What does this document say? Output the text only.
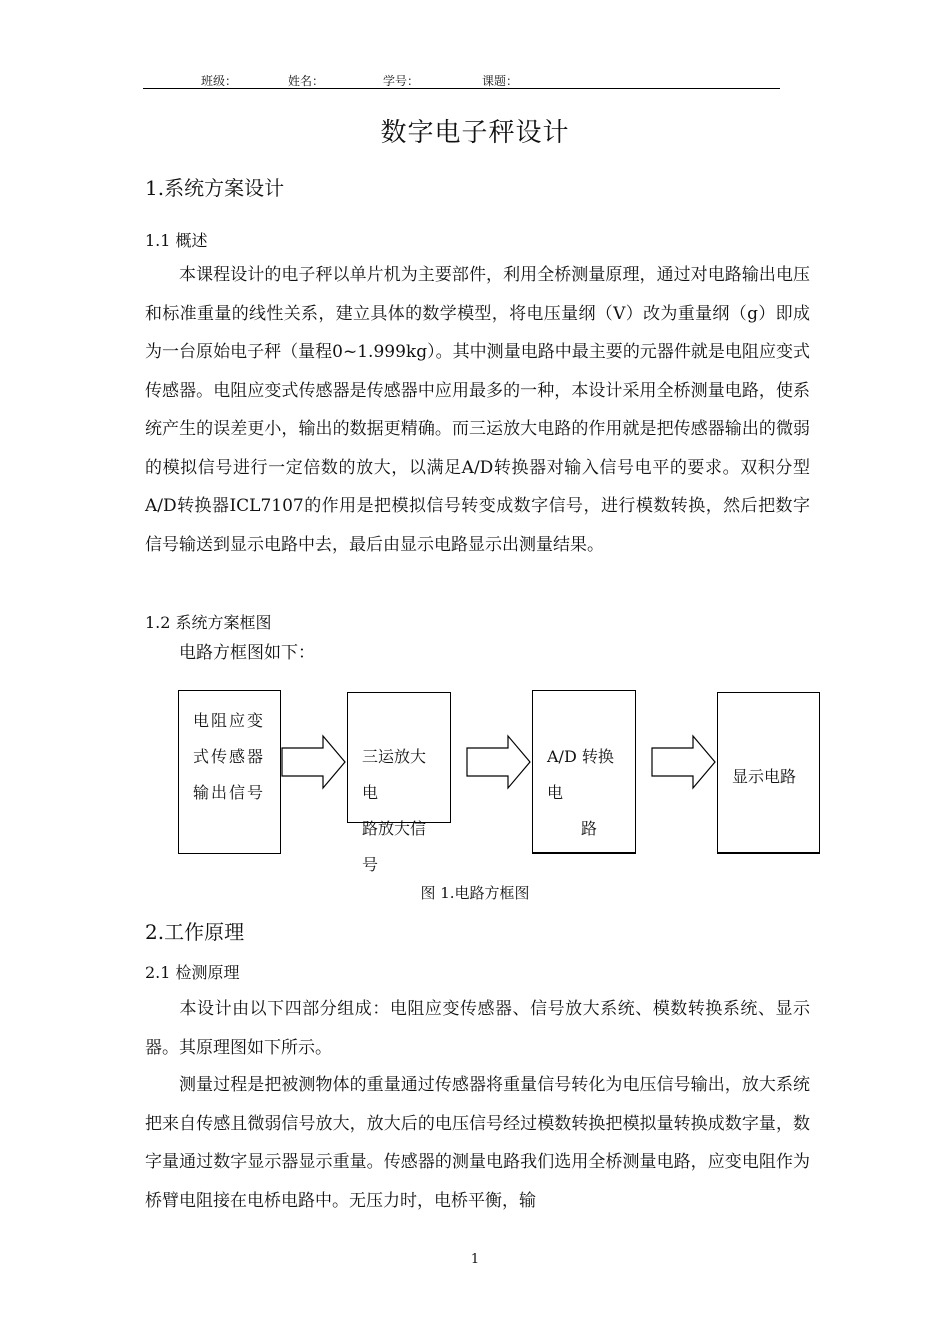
班级：	姓名：	学号：	课题：
数字电子秤设计
1.系统方案设计
1.1 概述

本课程设计的电子秤以单片机为主要部件，利用全桥测量原理，通过对电路输出电压和标准重量的线性关系，建立具体的数学模型，将电压量纲（V）改为重量纲（g）即成为一台原始电子秤（量程0~1.999kg）。其中测量电路中最主要的元器件就是电阻应变式传感器。电阻应变式传感器是传感器中应用最多的一种，本设计采用全桥测量电路，使系统产生的误差更小，输出的数据更精确。而三运放大电路的作用就是把传感器输出的微弱的模拟信号进行一定倍数的放大，以满足A/D转换器对输入信号电平的要求。双积分型A/D转换器ICL7107的作用是把模拟信号转变成数字信号，进行模数转换，然后把数字信号输送到显示电路中去，最后由显示电路显示出测量结果。

1.2 系统方案框图
电路方框图如下：
电阻应变
式传感器
输出信号
三运放大电
路放大信号
A/D 转换电
路
显示电路
图 1.电路方框图
2.工作原理
2.1 检测原理

本设计由以下四部分组成：电阻应变传感器、信号放大系统、模数转换系统、显示器。其原理图如下所示。

测量过程是把被测物体的重量通过传感器将重量信号转化为电压信号输出，放大系统把来自传感且微弱信号放大，放大后的电压信号经过模数转换把模拟量转换成数字量，数字量通过数字显示器显示重量。传感器的测量电路我们选用全桥测量电路，应变电阻作为桥臂电阻接在电桥电路中。无压力时，电桥平衡，输

1
